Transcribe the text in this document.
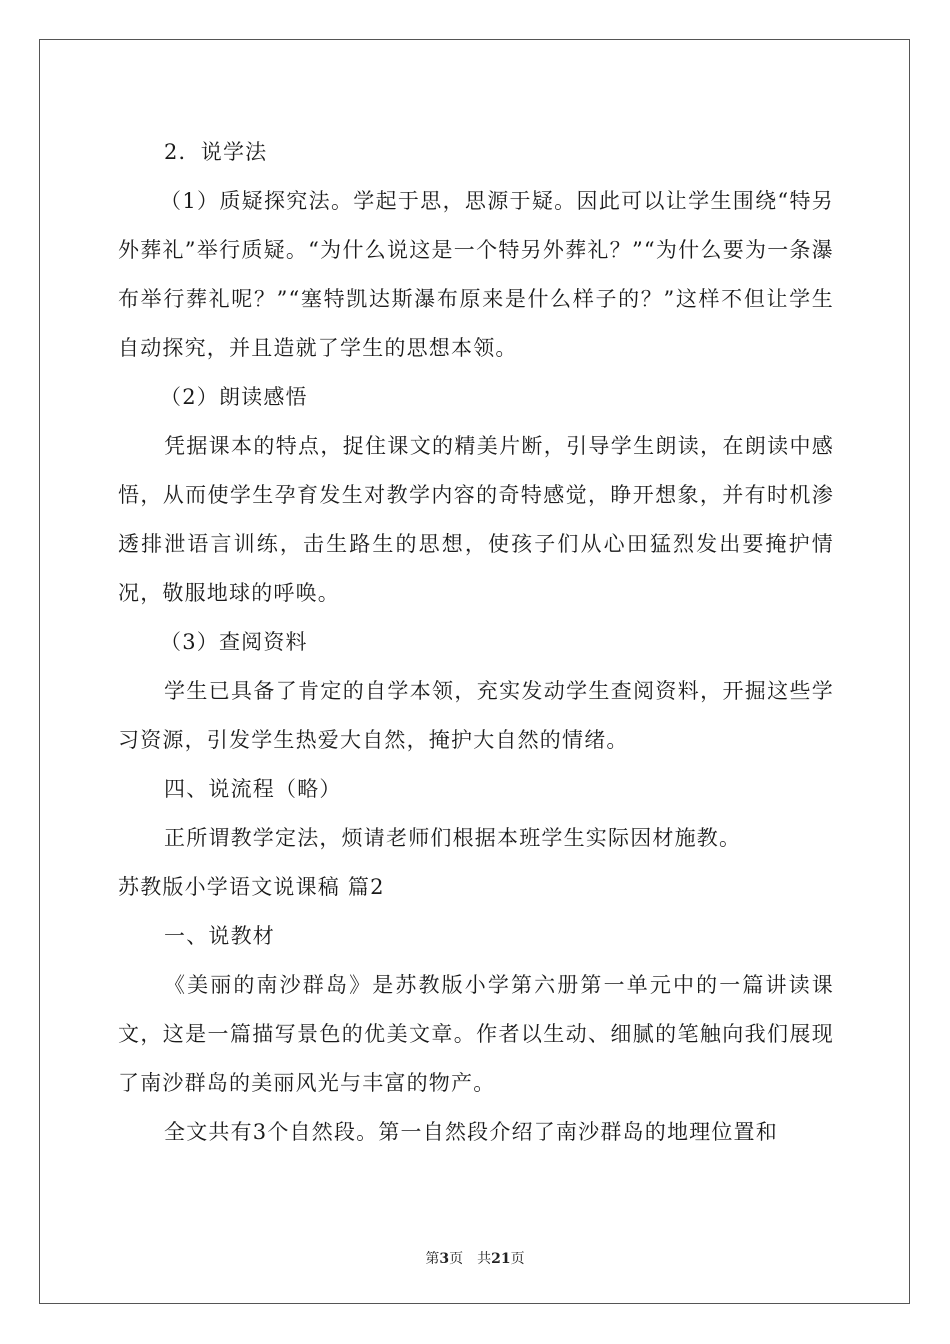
2．说学法

（1）质疑探究法。学起于思，思源于疑。因此可以让学生围绕“特另外葬礼”举行质疑。“为什么说这是一个特另外葬礼？”“为什么要为一条瀑布举行葬礼呢？”“塞特凯达斯瀑布原来是什么样子的？”这样不但让学生自动探究，并且造就了学生的思想本领。

（2）朗读感悟

凭据课本的特点，捉住课文的精美片断，引导学生朗读，在朗读中感悟，从而使学生孕育发生对教学内容的奇特感觉，睁开想象，并有时机渗透排泄语言训练，击生路生的思想，使孩子们从心田猛烈发出要掩护情况，敬服地球的呼唤。

（3）查阅资料

学生已具备了肯定的自学本领，充实发动学生查阅资料，开掘这些学习资源，引发学生热爱大自然，掩护大自然的情绪。

四、说流程（略）

正所谓教学定法，烦请老师们根据本班学生实际因材施教。

苏教版小学语文说课稿 篇2

一、说教材

《美丽的南沙群岛》是苏教版小学第六册第一单元中的一篇讲读课文，这是一篇描写景色的优美文章。作者以生动、细腻的笔触向我们展现了南沙群岛的美丽风光与丰富的物产。

全文共有3个自然段。第一自然段介绍了南沙群岛的地理位置和

第3页　共21页
